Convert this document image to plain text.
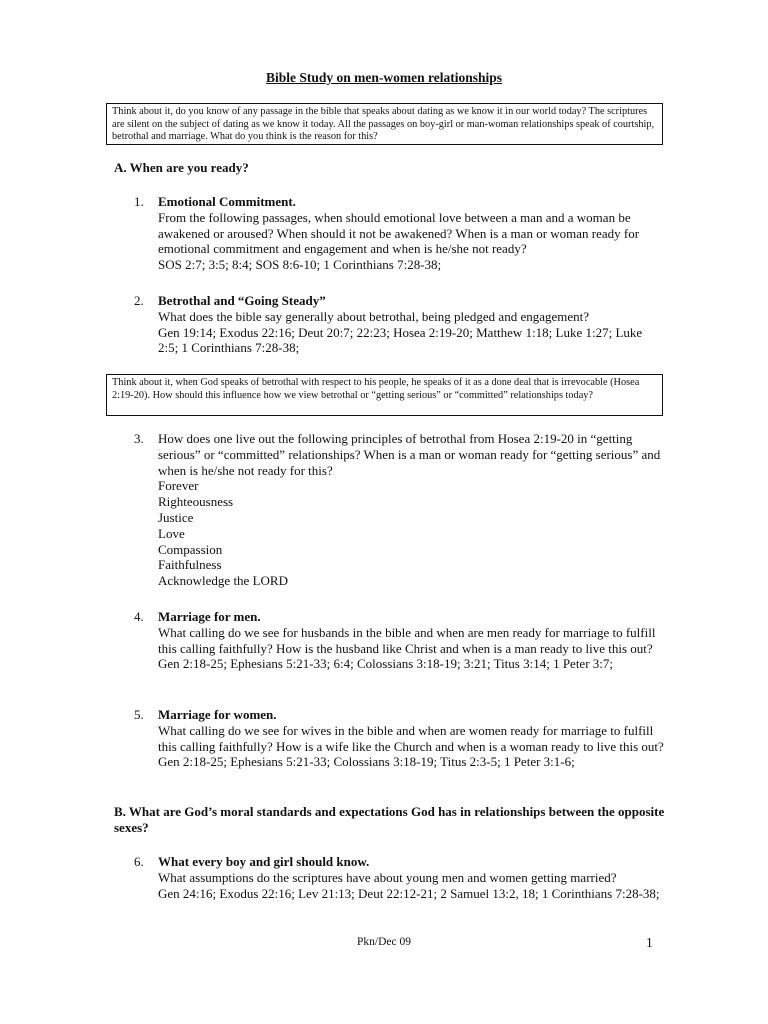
Bible Study on men-women relationships
Think about it, do you know of any passage in the bible that speaks about dating as we know it in our world today? The scriptures are silent on the subject of dating as we know it today. All the passages on boy-girl or man-woman relationships speak of courtship, betrothal and marriage. What do you think is the reason for this?
A. When are you ready?
1.	Emotional Commitment.
From the following passages, when should emotional love between a man and a woman be awakened or aroused? When should it not be awakened? When is a man or woman ready for emotional commitment and engagement and when is he/she not ready?
SOS 2:7; 3:5; 8:4; SOS 8:6-10; 1 Corinthians 7:28-38;
2.	Betrothal and “Going Steady”
What does the bible say generally about betrothal, being pledged and engagement?
Gen 19:14; Exodus 22:16; Deut 20:7; 22:23; Hosea 2:19-20; Matthew 1:18; Luke 1:27; Luke 2:5; 1 Corinthians 7:28-38;
Think about it, when God speaks of betrothal with respect to his people, he speaks of it as a done deal that is irrevocable (Hosea 2:19-20). How should this influence how we view betrothal or “getting serious” or “committed” relationships today?
3.	How does one live out the following principles of betrothal from Hosea 2:19-20 in “getting serious” or “committed” relationships? When is a man or woman ready for “getting serious” and when is he/she not ready for this?
Forever
Righteousness
Justice
Love
Compassion
Faithfulness
Acknowledge the LORD
4.	Marriage for men.
What calling do we see for husbands in the bible and when are men ready for marriage to fulfill this calling faithfully? How is the husband like Christ and when is a man ready to live this out?
Gen 2:18-25; Ephesians 5:21-33; 6:4; Colossians 3:18-19; 3:21; Titus 3:14; 1 Peter 3:7;
5.	Marriage for women.
What calling do we see for wives in the bible and when are women ready for marriage to fulfill this calling faithfully? How is a wife like the Church and when is a woman ready to live this out?
Gen 2:18-25; Ephesians 5:21-33; Colossians 3:18-19; Titus 2:3-5; 1 Peter 3:1-6;
B. What are God’s moral standards and expectations God has in relationships between the opposite sexes?
6.	What every boy and girl should know.
What assumptions do the scriptures have about young men and women getting married?
Gen 24:16; Exodus 22:16; Lev 21:13; Deut 22:12-21; 2 Samuel 13:2, 18; 1 Corinthians 7:28-38;
Pkn/Dec 09	1
